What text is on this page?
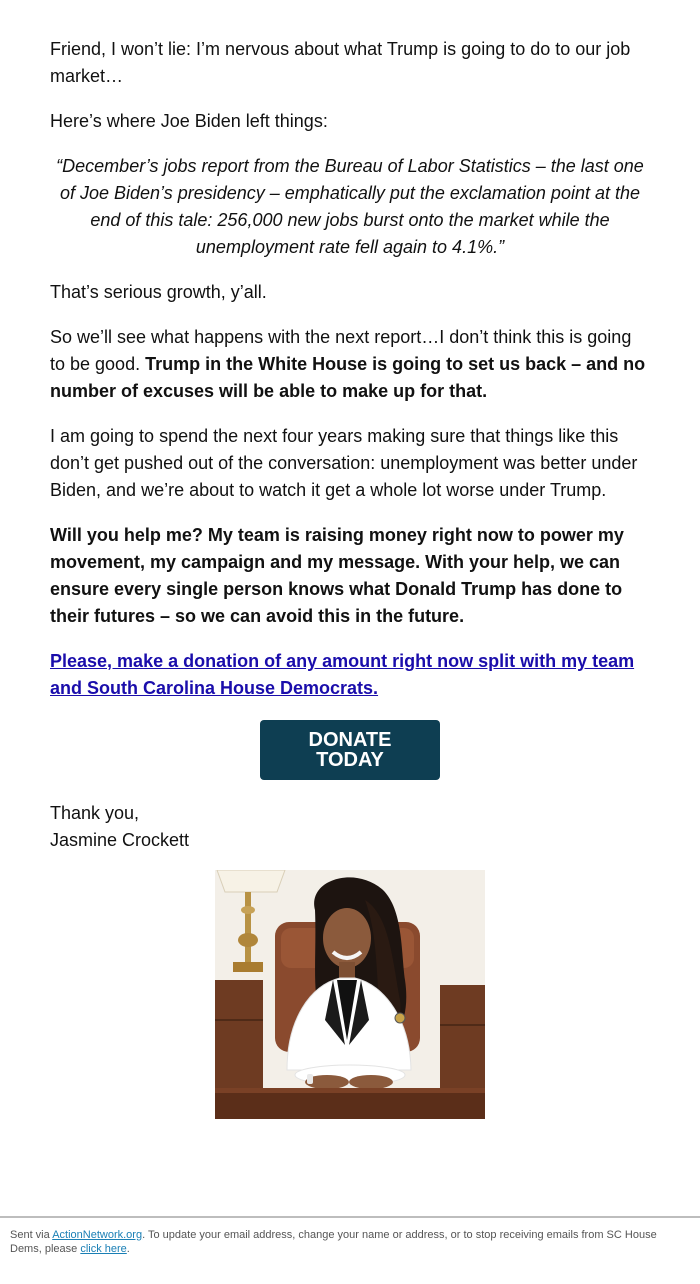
Friend, I won’t lie: I’m nervous about what Trump is going to do to our job market…

Here’s where Joe Biden left things:

“December’s jobs report from the Bureau of Labor Statistics – the last one of Joe Biden’s presidency – emphatically put the exclamation point at the end of this tale: 256,000 new jobs burst onto the market while the unemployment rate fell again to 4.1%.”

That’s serious growth, y’all.

So we’ll see what happens with the next report…I don’t think this is going to be good. Trump in the White House is going to set us back – and no number of excuses will be able to make up for that.

I am going to spend the next four years making sure that things like this don’t get pushed out of the conversation: unemployment was better under Biden, and we’re about to watch it get a whole lot worse under Trump.

Will you help me? My team is raising money right now to power my movement, my campaign and my message. With your help, we can ensure every single person knows what Donald Trump has done to their futures – so we can avoid this in the future.

Please, make a donation of any amount right now split with my team and South Carolina House Democrats.

DONATE
TODAY
Thank you,
Jasmine Crockett
Sent via ActionNetwork.org. To update your email address, change your name or address, or to stop receiving emails from SC House Dems, please click here.
